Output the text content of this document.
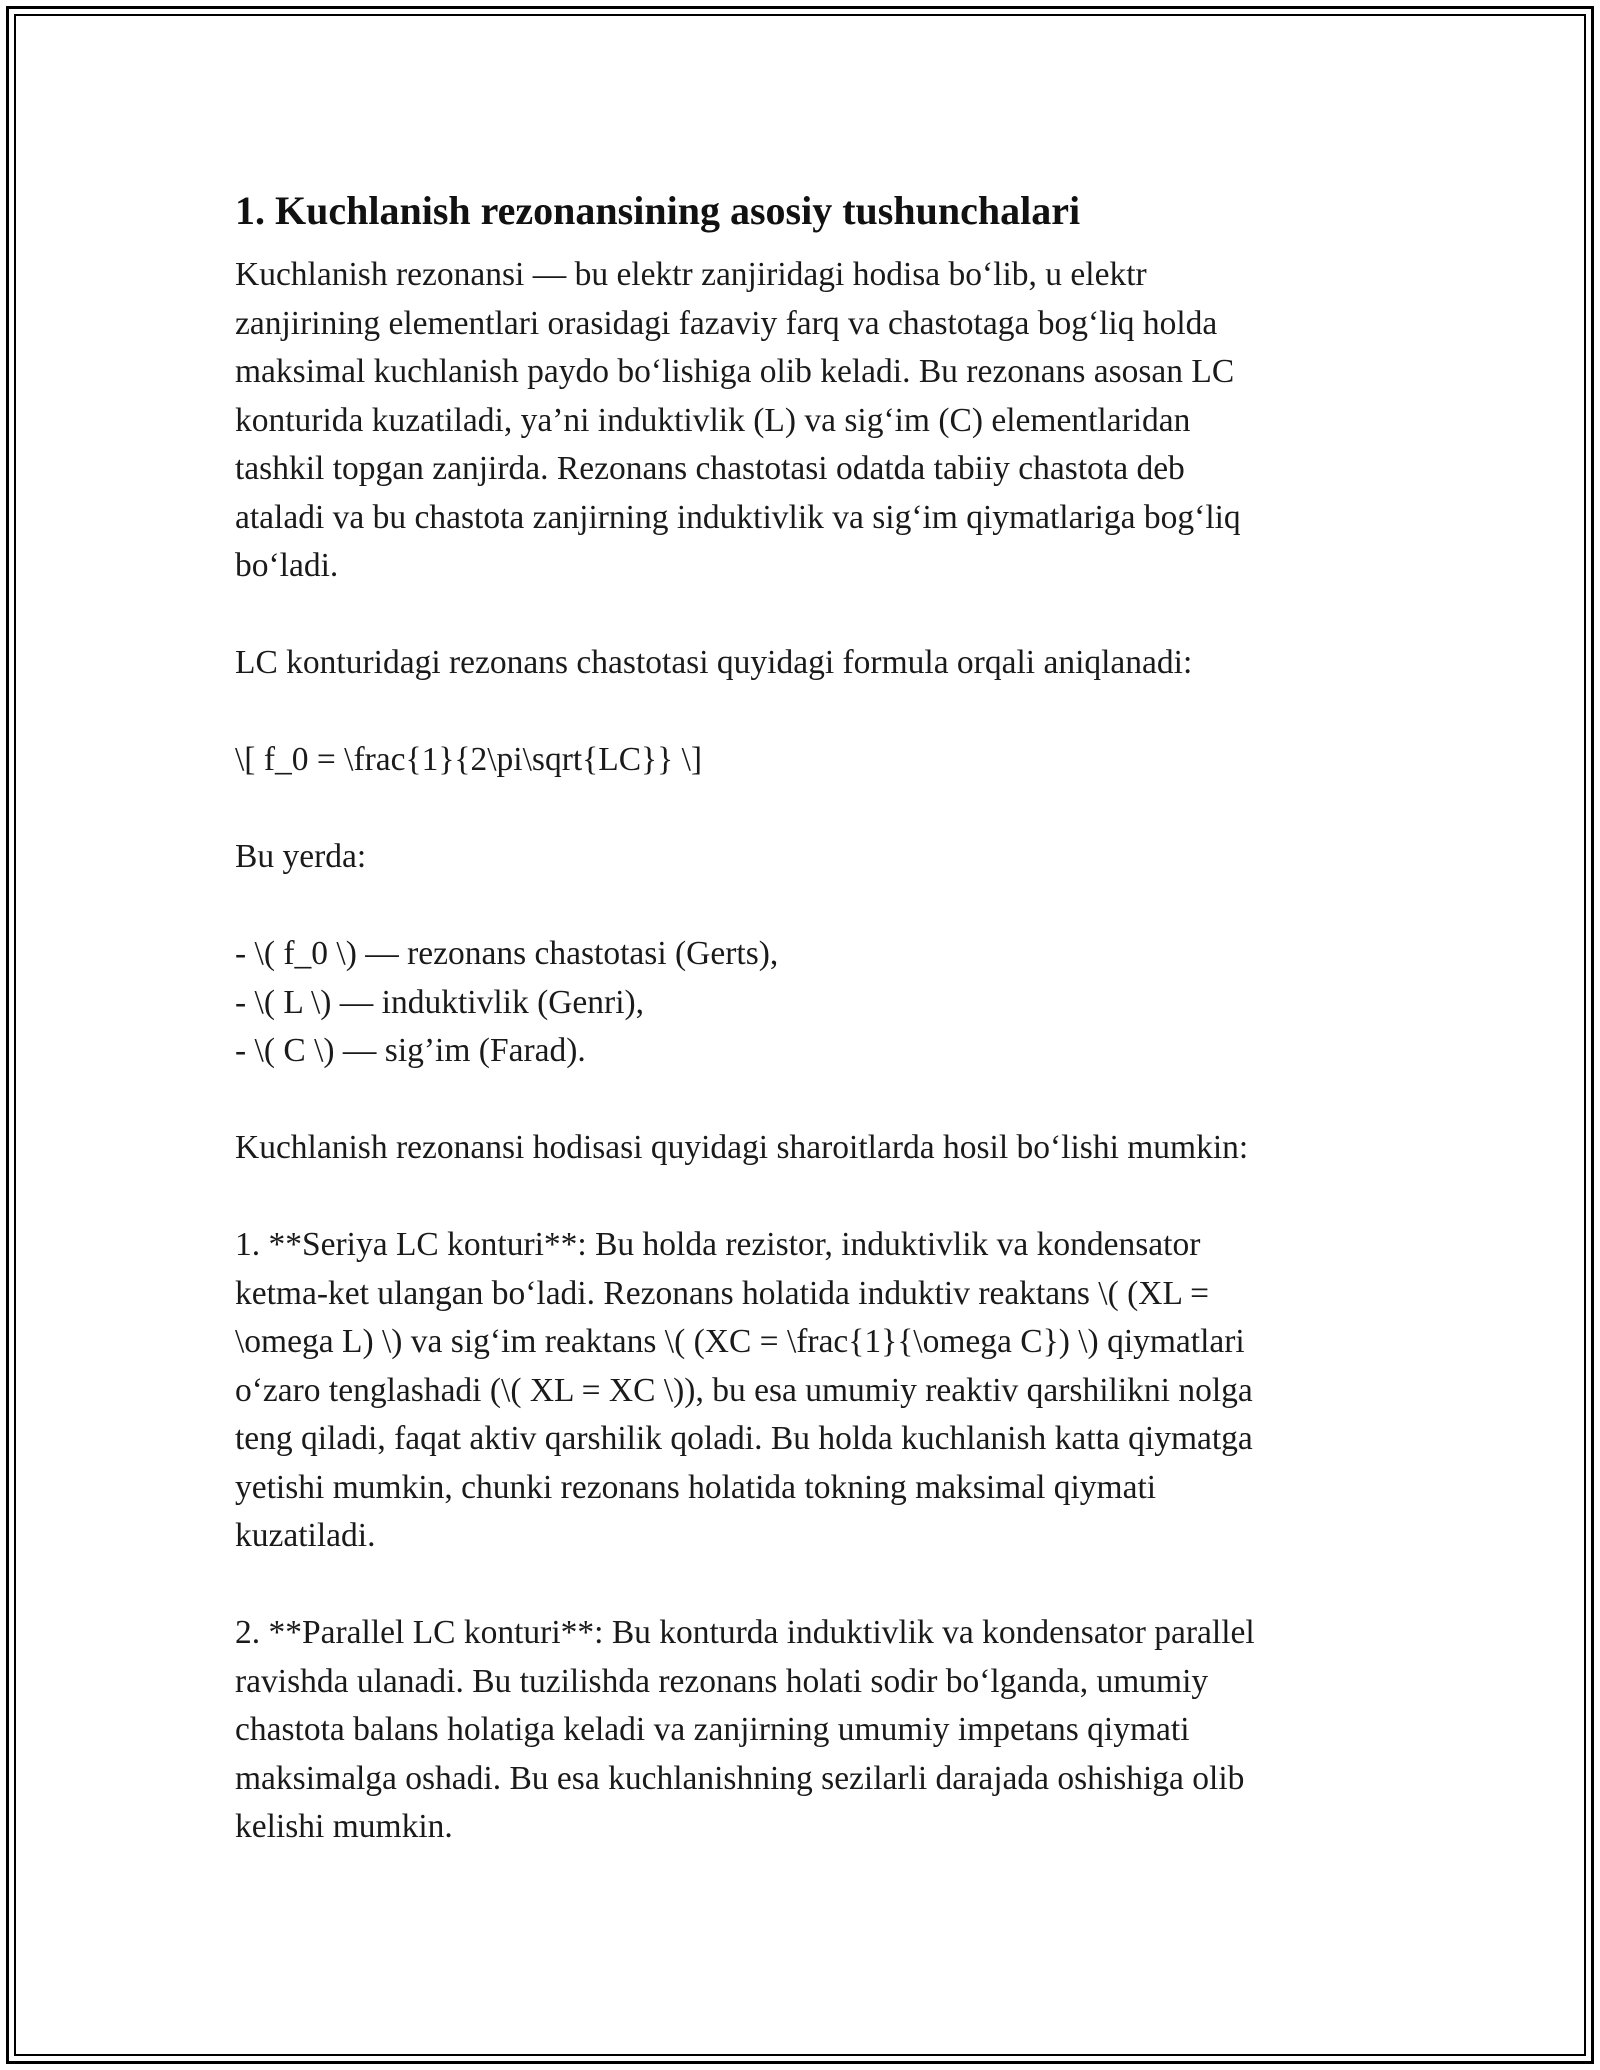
1. Kuchlanish rezonansining asosiy tushunchalari

Kuchlanish rezonansi — bu elektr zanjiridagi hodisa bo‘lib, u elektr
zanjirining elementlari orasidagi fazaviy farq va chastotaga bog‘liq holda
maksimal kuchlanish paydo bo‘lishiga olib keladi. Bu rezonans asosan LC
konturida kuzatiladi, ya’ni induktivlik (L) va sig‘im (C) elementlaridan
tashkil topgan zanjirda. Rezonans chastotasi odatda tabiiy chastota deb
ataladi va bu chastota zanjirning induktivlik va sig‘im qiymatlariga bog‘liq
bo‘ladi.

LC konturidagi rezonans chastotasi quyidagi formula orqali aniqlanadi:

\[ f_0 = \frac{1}{2\pi\sqrt{LC}} \]

Bu yerda:

- \( f_0 \) — rezonans chastotasi (Gerts),
- \( L \) — induktivlik (Genri),
- \( C \) — sig’im (Farad).

Kuchlanish rezonansi hodisasi quyidagi sharoitlarda hosil bo‘lishi mumkin:

1. **Seriya LC konturi**: Bu holda rezistor, induktivlik va kondensator
ketma-ket ulangan bo‘ladi. Rezonans holatida induktiv reaktans \( (XL =
\omega L) \) va sig‘im reaktans \( (XC = \frac{1}{\omega C}) \) qiymatlari
o‘zaro tenglashadi (\( XL = XC \)), bu esa umumiy reaktiv qarshilikni nolga
teng qiladi, faqat aktiv qarshilik qoladi. Bu holda kuchlanish katta qiymatga
yetishi mumkin, chunki rezonans holatida tokning maksimal qiymati
kuzatiladi.

2. **Parallel LC konturi**: Bu konturda induktivlik va kondensator parallel
ravishda ulanadi. Bu tuzilishda rezonans holati sodir bo‘lganda, umumiy
chastota balans holatiga keladi va zanjirning umumiy impetans qiymati
maksimalga oshadi. Bu esa kuchlanishning sezilarli darajada oshishiga olib
kelishi mumkin.
